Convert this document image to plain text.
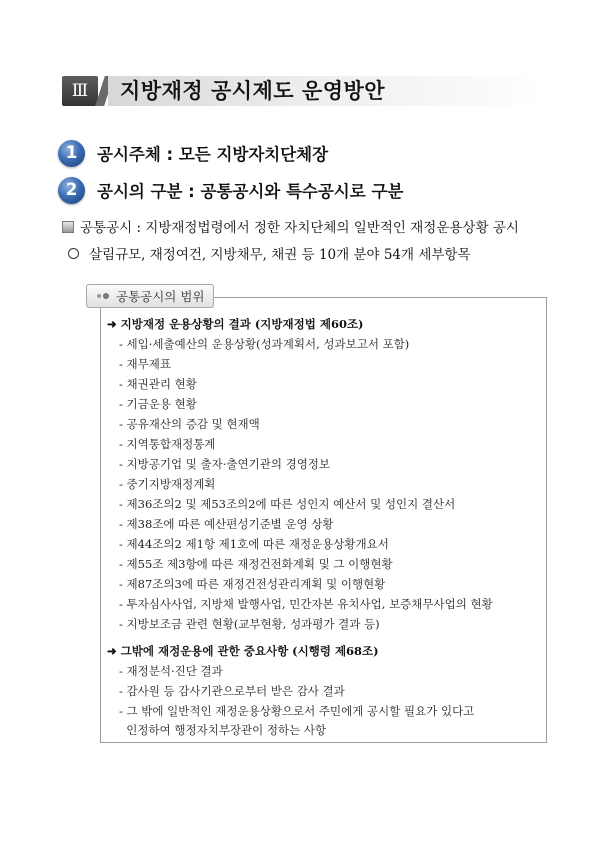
Ⅲ	지방재정 공시제도 운영방안
1	공시주체 : 모든 지방자치단체장
2	공시의 구분 : 공통공시와 특수공시로 구분
공통공시 : 지방재정법령에서 정한 자치단체의 일반적인 재정운용상황 공시
살림규모, 재정여건, 지방채무, 채권 등 10개 분야 54개 세부항목
공통공시의 범위
➜ 지방재정 운용상황의 결과 (지방재정법 제60조)
- 세입·세출예산의 운용상황(성과계획서, 성과보고서 포함)
- 재무제표
- 채권관리 현황
- 기금운용 현황
- 공유재산의 증감 및 현재액
- 지역통합재정통계
- 지방공기업 및 출자·출연기관의 경영정보
- 중기지방재정계획
- 제36조의2 및 제53조의2에 따른 성인지 예산서 및 성인지 결산서
- 제38조에 따른 예산편성기준별 운영 상황
- 제44조의2 제1항 제1호에 따른 재정운용상황개요서
- 제55조 제3항에 따른 재정건전화계획 및 그 이행현황
- 제87조의3에 따른 재정건전성관리계획 및 이행현황
- 투자심사사업, 지방채 발행사업, 민간자본 유치사업, 보증채무사업의 현황
- 지방보조금 관련 현황(교부현황, 성과평가 결과 등)
➜ 그밖에 재정운용에 관한 중요사항 (시행령 제68조)
- 재정분석·진단 결과
- 감사원 등 감사기관으로부터 받은 감사 결과
- 그 밖에 일반적인 재정운용상황으로서 주민에게 공시할 필요가 있다고
인정하여 행정자치부장관이 정하는 사항
